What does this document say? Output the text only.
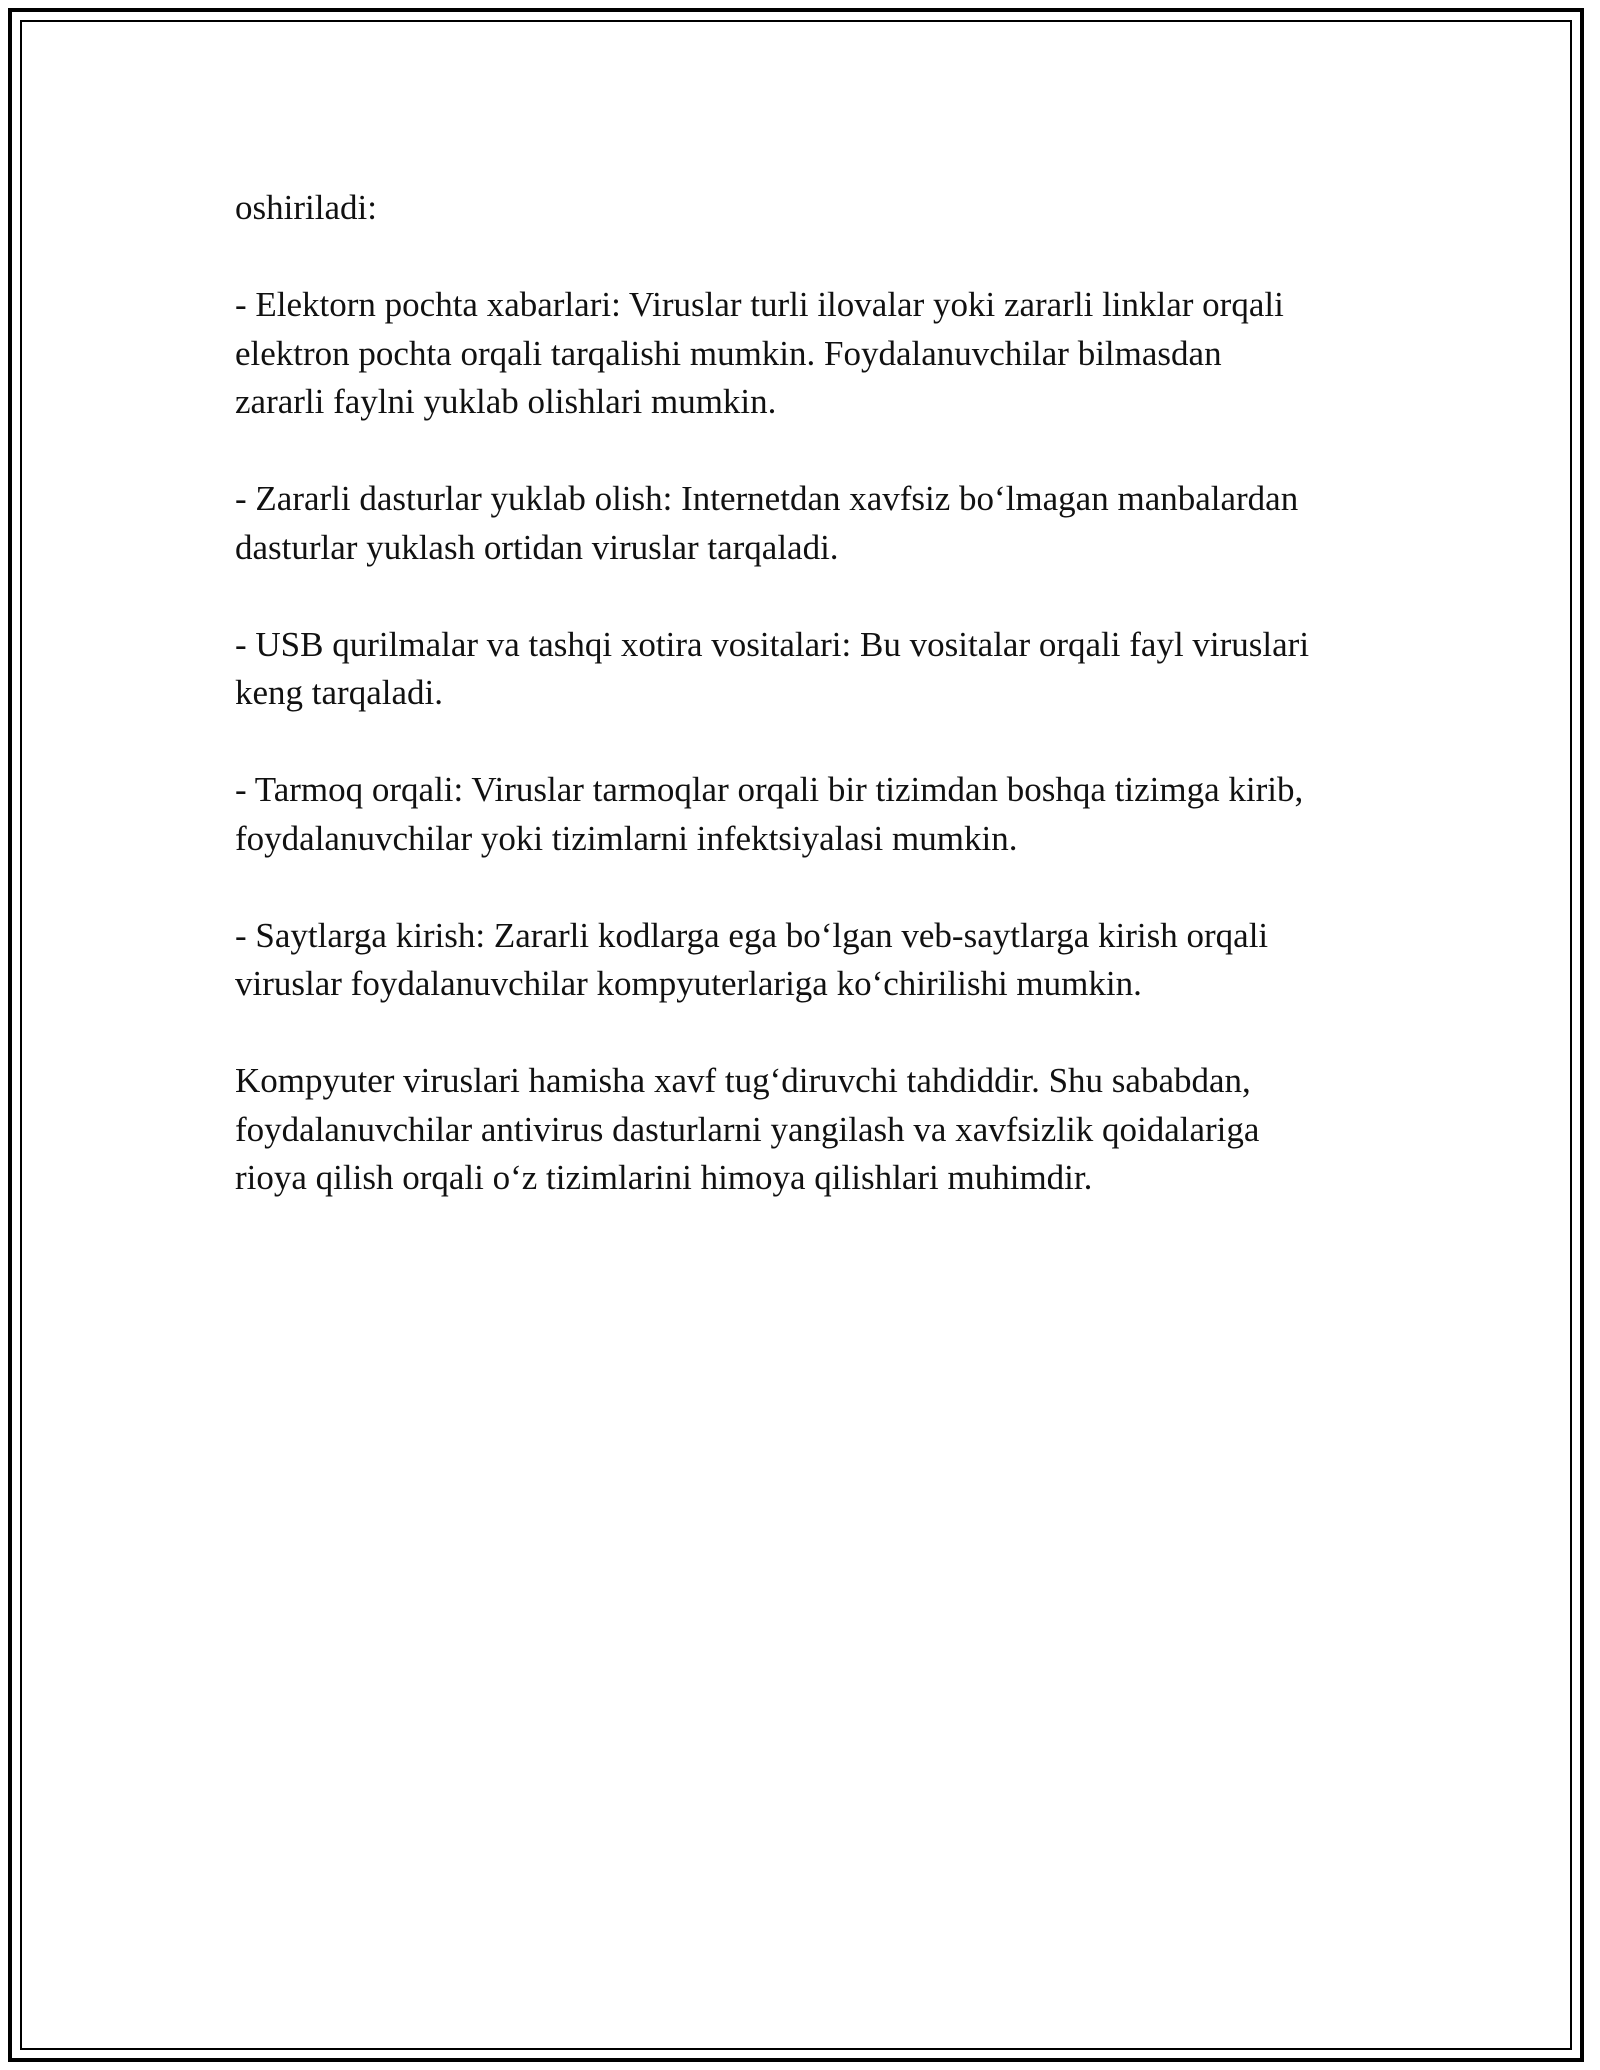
oshiriladi:

- Elektorn pochta xabarlari: Viruslar turli ilovalar yoki zararli linklar orqali
elektron pochta orqali tarqalishi mumkin. Foydalanuvchilar bilmasdan
zararli faylni yuklab olishlari mumkin.

- Zararli dasturlar yuklab olish: Internetdan xavfsiz bo‘lmagan manbalardan
dasturlar yuklash ortidan viruslar tarqaladi.

- USB qurilmalar va tashqi xotira vositalari: Bu vositalar orqali fayl viruslari
keng tarqaladi.

- Tarmoq orqali: Viruslar tarmoqlar orqali bir tizimdan boshqa tizimga kirib,
foydalanuvchilar yoki tizimlarni infektsiyalasi mumkin.

- Saytlarga kirish: Zararli kodlarga ega bo‘lgan veb-saytlarga kirish orqali
viruslar foydalanuvchilar kompyuterlariga ko‘chirilishi mumkin.

Kompyuter viruslari hamisha xavf tug‘diruvchi tahdiddir. Shu sababdan,
foydalanuvchilar antivirus dasturlarni yangilash va xavfsizlik qoidalariga
rioya qilish orqali o‘z tizimlarini himoya qilishlari muhimdir.
